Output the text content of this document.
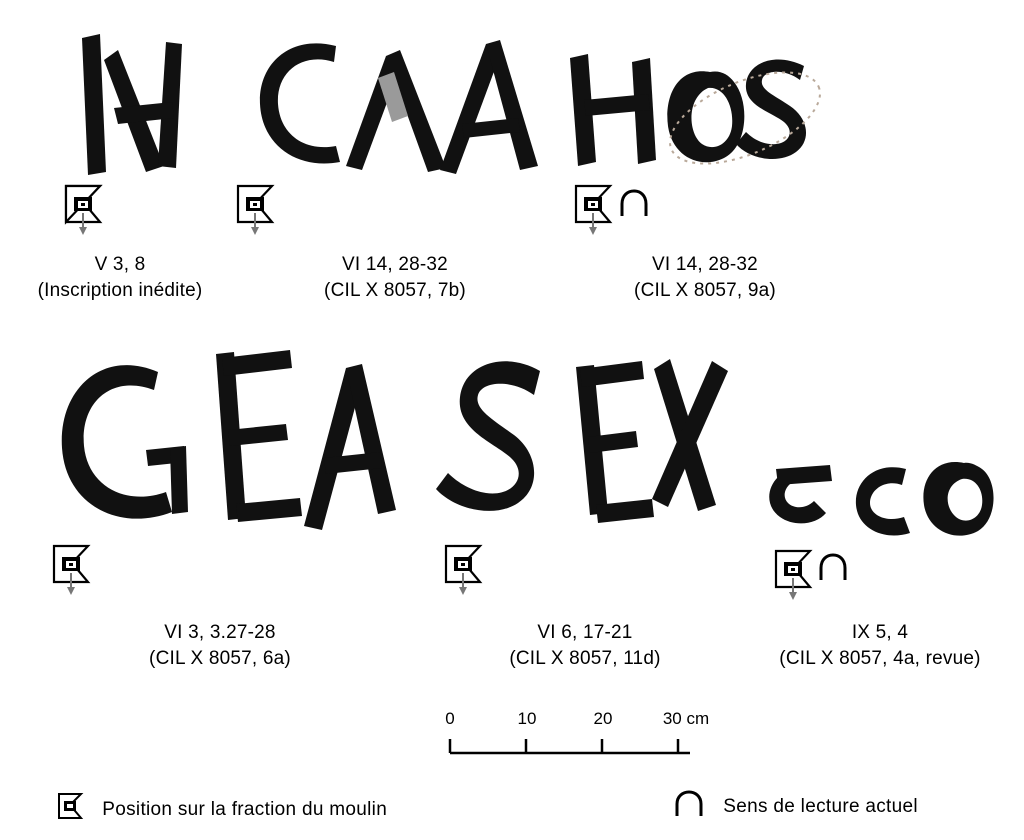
V 3, 8
(Inscription inédite)
VI 14, 28-32
(CIL X 8057, 7b)
VI 14, 28-32
(CIL X 8057, 9a)
VI 3, 3.27-28
(CIL X 8057, 6a)
VI 6, 17-21
(CIL X 8057, 11d)
IX 5, 4
(CIL X 8057, 4a, revue)
0	10	20	30 cm
Position sur la fraction du moulin	Sens de lecture actuel
